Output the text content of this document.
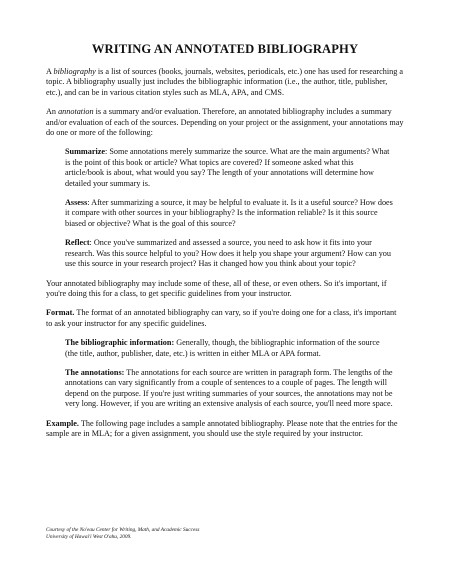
WRITING AN ANNOTATED BIBLIOGRAPHY

A bibliography is a list of sources (books, journals, websites, periodicals, etc.) one has used for researching a topic. A bibliography usually just includes the bibliographic information (i.e., the author, title, publisher, etc.), and can be in various citation styles such as MLA, APA, and CMS.

An annotation is a summary and/or evaluation. Therefore, an annotated bibliography includes a summary and/or evaluation of each of the sources. Depending on your project or the assignment, your annotations may do one or more of the following:

Summarize: Some annotations merely summarize the source. What are the main arguments? What is the point of this book or article? What topics are covered? If someone asked what this article/book is about, what would you say? The length of your annotations will determine how detailed your summary is.

Assess: After summarizing a source, it may be helpful to evaluate it. Is it a useful source? How does it compare with other sources in your bibliography? Is the information reliable? Is it this source biased or objective? What is the goal of this source?

Reflect: Once you've summarized and assessed a source, you need to ask how it fits into your research. Was this source helpful to you? How does it help you shape your argument? How can you use this source in your research project? Has it changed how you think about your topic?

Your annotated bibliography may include some of these, all of these, or even others. So it's important, if you're doing this for a class, to get specific guidelines from your instructor.

Format. The format of an annotated bibliography can vary, so if you're doing one for a class, it's important to ask your instructor for any specific guidelines.

The bibliographic information: Generally, though, the bibliographic information of the source (the title, author, publisher, date, etc.) is written in either MLA or APA format.

The annotations: The annotations for each source are written in paragraph form. The lengths of the annotations can vary significantly from a couple of sentences to a couple of pages. The length will depend on the purpose. If you're just writing summaries of your sources, the annotations may not be very long. However, if you are writing an extensive analysis of each source, you'll need more space.

Example. The following page includes a sample annotated bibliography. Please note that the entries for the sample are in MLA; for a given assignment, you should use the style required by your instructor.

Courtesy of the No'eau Center for Writing, Math, and Academic Success
University of Hawai'i West O'ahu, 2009.
